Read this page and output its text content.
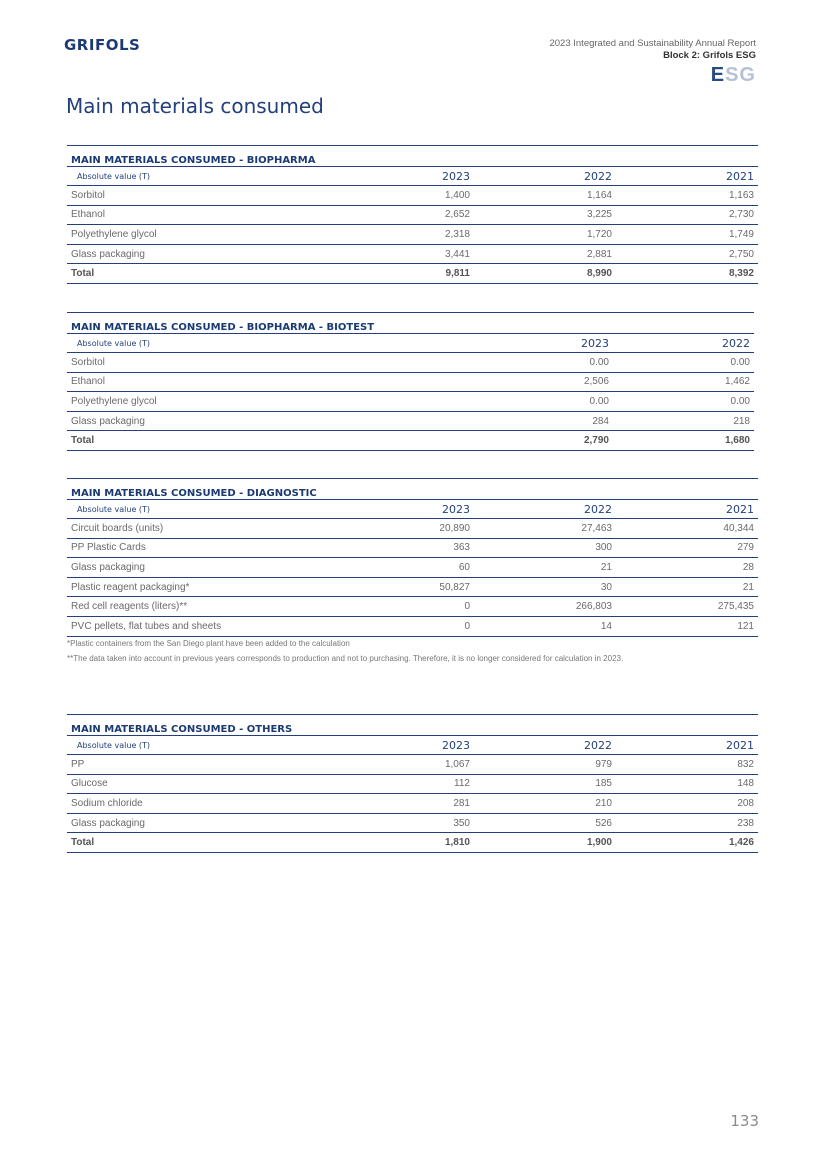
GRIFOLS	2023 Integrated and Sustainability Annual Report
Block 2: Grifols ESG
ESG
Main materials consumed
MAIN MATERIALS CONSUMED - BIOPHARMA			
Absolute value (T)	2023	2022	2021
Sorbitol	1,400	1,164	1,163
Ethanol	2,652	3,225	2,730
Polyethylene glycol	2,318	1,720	1,749
Glass packaging	3,441	2,881	2,750
Total	9,811	8,990	8,392
MAIN MATERIALS CONSUMED - BIOPHARMA - BIOTEST		
Absolute value (T)	2023	2022
Sorbitol	0.00	0.00
Ethanol	2,506	1,462
Polyethylene glycol	0.00	0.00
Glass packaging	284	218
Total	2,790	1,680
MAIN MATERIALS CONSUMED - DIAGNOSTIC			
Absolute value (T)	2023	2022	2021
Circuit boards (units)	20,890	27,463	40,344
PP Plastic Cards	363	300	279
Glass packaging	60	21	28
Plastic reagent packaging*	50,827	30	21
Red cell reagents (liters)**	0	266,803	275,435
PVC pellets, flat tubes and sheets	0	14	121
*Plastic containers from the San Diego plant have been added to the calculation
**The data taken into account in previous years corresponds to production and not to purchasing. Therefore, it is no longer considered for calculation in 2023.
MAIN MATERIALS CONSUMED - OTHERS			
Absolute value (T)	2023	2022	2021
PP	1,067	979	832
Glucose	112	185	148
Sodium chloride	281	210	208
Glass packaging	350	526	238
Total	1,810	1,900	1,426
133
